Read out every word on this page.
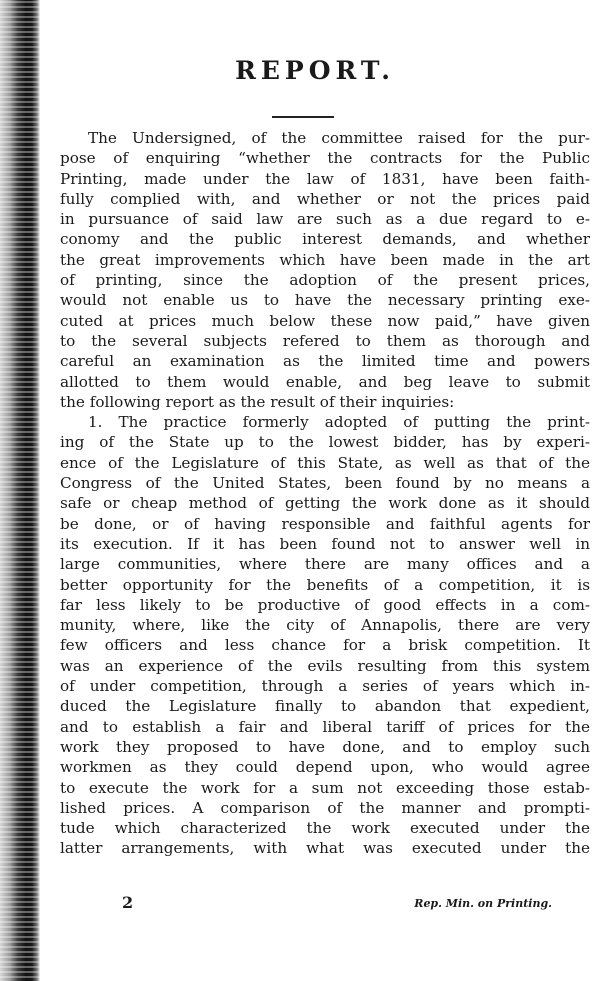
REPORT.
The Undersigned, of the committee raised for the pur-
pose of enquiring “whether the contracts for the Public
Printing, made under the law of 1831, have been faith-
fully complied with, and whether or not the prices paid
in pursuance of said law are such as a due regard to e-
conomy and the public interest demands, and whether
the great improvements which have been made in the art
of printing, since the adoption of the present prices,
would not enable us to have the necessary printing exe-
cuted at prices much below these now paid,” have given
to the several subjects refered to them as thorough and
careful an examination as the limited time and powers
allotted to them would enable, and beg leave to submit
the following report as the result of their inquiries:
1. The practice formerly adopted of putting the print-
ing of the State up to the lowest bidder, has by experi-
ence of the Legislature of this State, as well as that of the
Congress of the United States, been found by no means a
safe or cheap method of getting the work done as it should
be done, or of having responsible and faithful agents for
its execution. If it has been found not to answer well in
large communities, where there are many offices and a
better opportunity for the benefits of a competition, it is
far less likely to be productive of good effects in a com-
munity, where, like the city of Annapolis, there are very
few officers and less chance for a brisk competition. It
was an experience of the evils resulting from this system
of under competition, through a series of years which in-
duced the Legislature finally to abandon that expedient,
and to establish a fair and liberal tariff of prices for the
work they proposed to have done, and to employ such
workmen as they could depend upon, who would agree
to execute the work for a sum not exceeding those estab-
lished prices. A comparison of the manner and prompti-
tude which characterized the work executed under the
latter arrangements, with what was executed under the
2	Rep. Min. on Printing.
